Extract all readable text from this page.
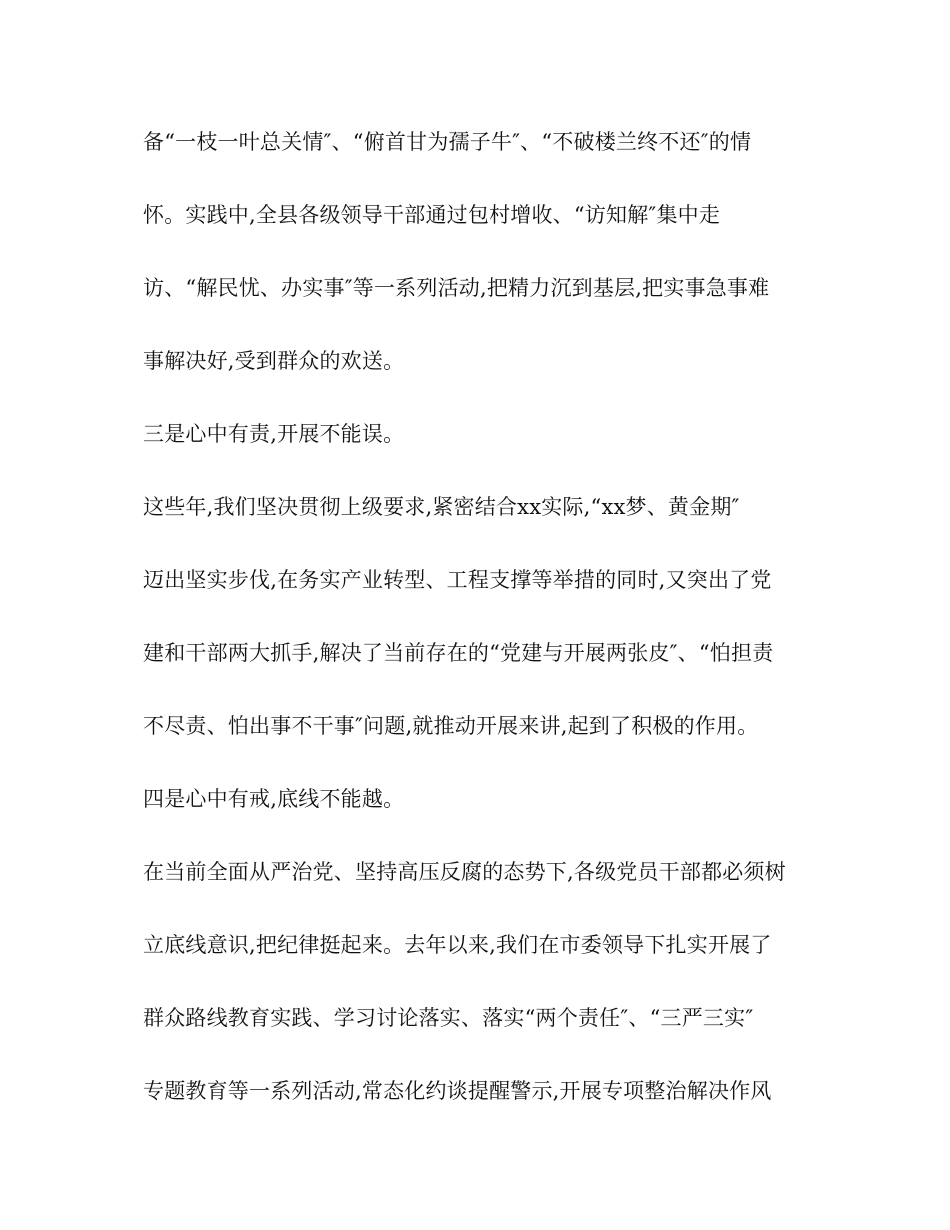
备“一枝一叶总关情″、“俯首甘为孺子牛″、“不破楼兰终不还″的情
怀。实践中,全县各级领导干部通过包村增收、“访知解″集中走
访、“解民忧、办实事″等一系列活动,把精力沉到基层,把实事急事难
事解决好,受到群众的欢送。
三是心中有责,开展不能误。
这些年,我们坚决贯彻上级要求,紧密结合xx实际,“xx梦、黄金期″
迈出坚实步伐,在务实产业转型、工程支撑等举措的同时,又突出了党
建和干部两大抓手,解决了当前存在的“党建与开展两张皮″、“怕担责
不尽责、怕出事不干事″问题,就推动开展来讲,起到了积极的作用。
四是心中有戒,底线不能越。
在当前全面从严治党、坚持高压反腐的态势下,各级党员干部都必须树
立底线意识,把纪律挺起来。去年以来,我们在市委领导下扎实开展了
群众路线教育实践、学习讨论落实、落实“两个责任″、“三严三实″
专题教育等一系列活动,常态化约谈提醒警示,开展专项整治解决作风
